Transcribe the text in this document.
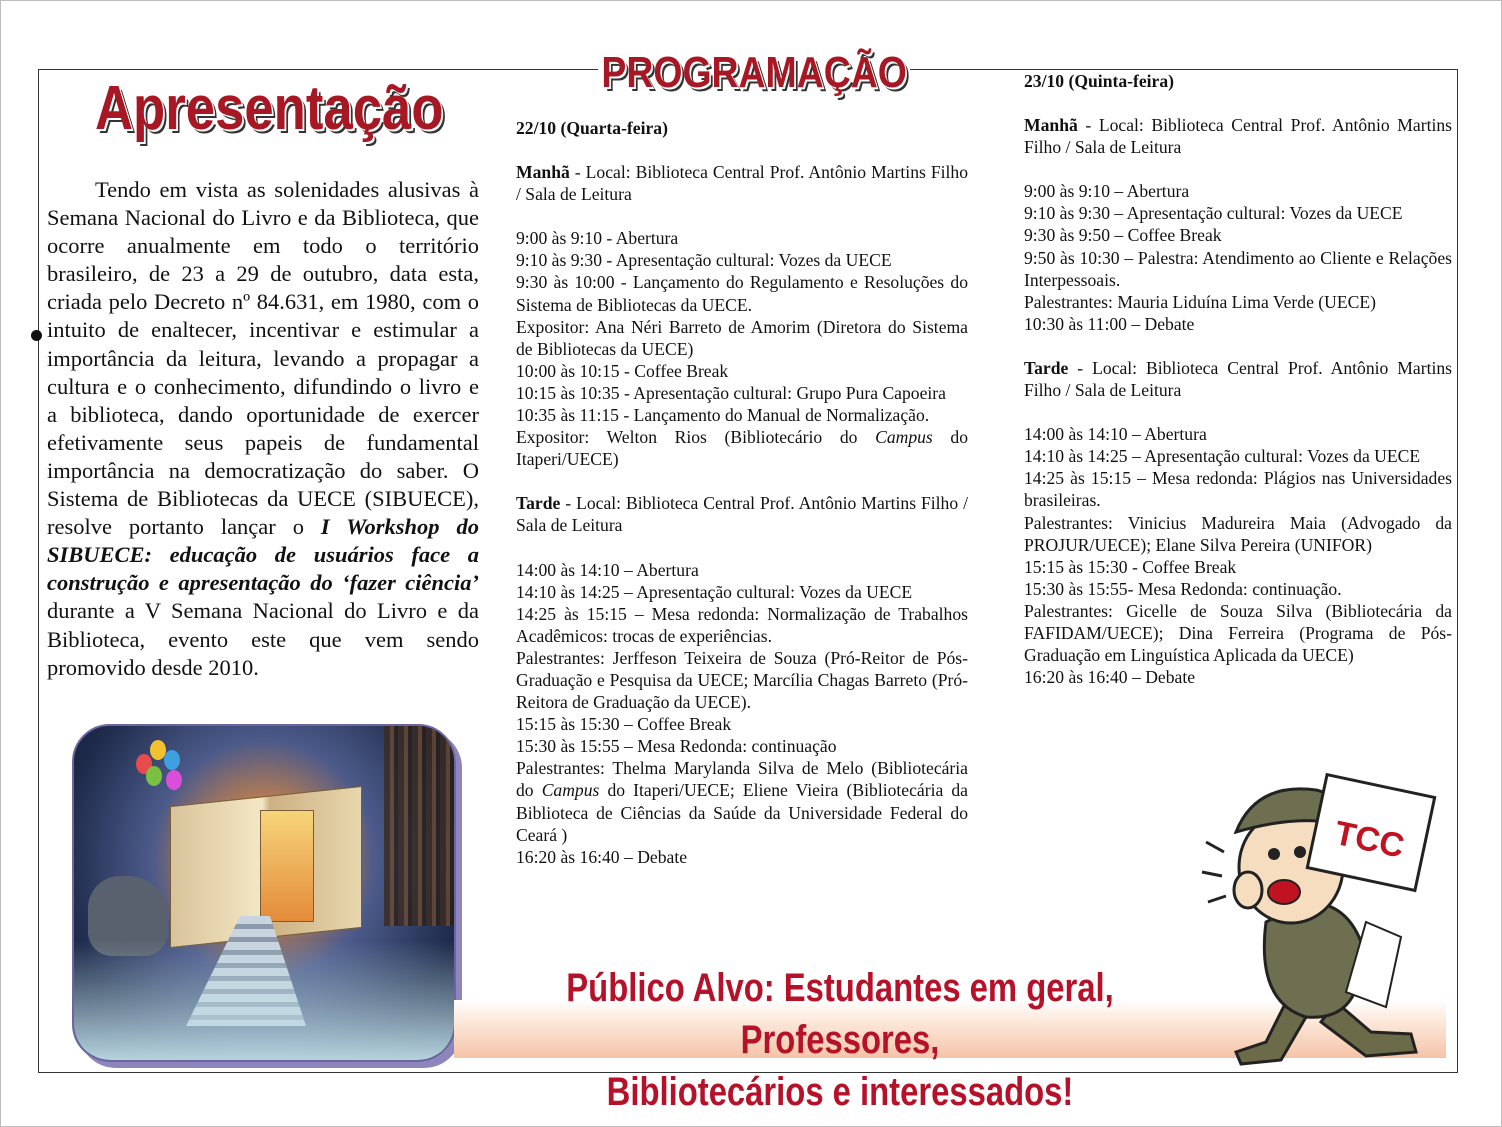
Apresentação
PROGRAMAÇÃO

Tendo em vista as solenidades alusivas à Semana Nacional do Livro e da Biblioteca, que ocorre anualmente em todo o território brasileiro, de 23 a 29 de outubro, data esta, criada pelo Decreto nº 84.631, em 1980, com o intuito de enaltecer, incentivar e estimular a importância da leitura, levando a propagar a cultura e o conhecimento, difundindo o livro e a biblioteca, dando oportunidade de exercer efetivamente seus papeis de fundamental importância na democratização do saber. O Sistema de Bibliotecas da UECE (SIBUECE), resolve portanto lançar o I Workshop do SIBUECE: educação de usuários face a construção e apresentação do ‘fazer ciência’ durante a V Semana Nacional do Livro e da Biblioteca, evento este que vem sendo promovido desde 2010.

22/10 (Quarta-feira)

Manhã - Local: Biblioteca Central Prof. Antônio Martins Filho / Sala de Leitura

9:00 às 9:10 - Abertura

9:10 às 9:30 - Apresentação cultural: Vozes da UECE

9:30 às 10:00 - Lançamento do Regulamento e Resoluções do Sistema de Bibliotecas da UECE.

Expositor: Ana Néri Barreto de Amorim (Diretora do Sistema de Bibliotecas da UECE)

10:00 às 10:15 - Coffee Break

10:15 às 10:35 - Apresentação cultural: Grupo Pura Capoeira

10:35 às 11:15 - Lançamento do Manual de Normalização.

Expositor: Welton Rios (Bibliotecário do Campus do Itaperi/UECE)

Tarde - Local: Biblioteca Central Prof. Antônio Martins Filho / Sala de Leitura

14:00 às 14:10 – Abertura

14:10 às 14:25 – Apresentação cultural: Vozes da UECE

14:25 às 15:15 – Mesa redonda: Normalização de Trabalhos Acadêmicos: trocas de experiências.

Palestrantes: Jerffeson Teixeira de Souza (Pró-Reitor de Pós-Graduação e Pesquisa da UECE; Marcília Chagas Barreto (Pró-Reitora de Graduação da UECE).

15:15 às 15:30 – Coffee Break

15:30 às 15:55 – Mesa Redonda: continuação

Palestrantes: Thelma Marylanda Silva de Melo (Bibliotecária do Campus do Itaperi/UECE; Eliene Vieira (Bibliotecária da Biblioteca de Ciências da Saúde da Universidade Federal do Ceará )

16:20 às 16:40 – Debate

23/10 (Quinta-feira)

Manhã - Local: Biblioteca Central Prof. Antônio Martins Filho / Sala de Leitura

9:00 às 9:10 – Abertura

9:10 às 9:30 – Apresentação cultural: Vozes da UECE

9:30 às 9:50 – Coffee Break

9:50 às 10:30 – Palestra: Atendimento ao Cliente e Relações Interpessoais.

Palestrantes: Mauria Liduína Lima Verde (UECE)

10:30 às 11:00 – Debate

Tarde - Local: Biblioteca Central Prof. Antônio Martins Filho / Sala de Leitura

14:00 às 14:10 – Abertura

14:10 às 14:25 – Apresentação cultural: Vozes da UECE

14:25 às 15:15 – Mesa redonda: Plágios nas Universidades brasileiras.

Palestrantes: Vinicius Madureira Maia (Advogado da PROJUR/UECE); Elane Silva Pereira (UNIFOR)

15:15 às 15:30 - Coffee Break

15:30 às 15:55- Mesa Redonda: continuação.

Palestrantes: Gicelle de Souza Silva (Bibliotecária da FAFIDAM/UECE); Dina Ferreira (Programa de Pós-Graduação em Linguística Aplicada da UECE)

16:20 às 16:40 – Debate

Público Alvo: Estudantes em geral, Professores,
Bibliotecários e interessados!

TCC
